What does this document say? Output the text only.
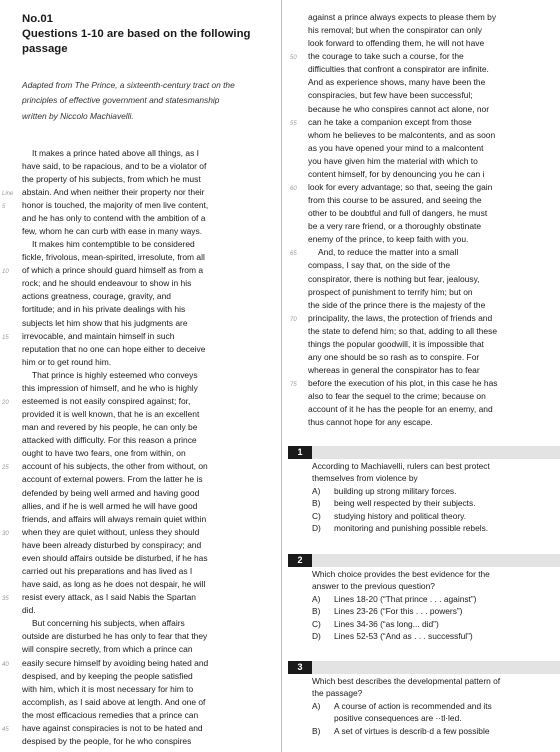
No.01
Questions 1-10 are based on the following
passage
Adapted from The Prince, a sixteenth-century tract on the
principles of effective government and statesmanship
written by Niccolo Machiavelli.
It makes a prince hated above all things, as I
have said, to be rapacious, and to be a violator of
the property of his subjects, from which he must
abstain. And when neither their property nor their
Line
honor is touched, the majority of men live content,
5
and he has only to contend with the ambition of a
few, whom he can curb with ease in many ways.
It makes him contemptible to be considered
fickle, frivolous, mean-spirited, irresolute, from all
of which a prince should guard himself as from a
10
rock; and he should endeavour to show in his
actions greatness, courage, gravity, and
fortitude; and in his private dealings with his
subjects let him show that his judgments are
irrevocable, and maintain himself in such
15
reputation that no one can hope either to deceive
him or to get round him.
That prince is highly esteemed who conveys
this impression of himself, and he who is highly
esteemed is not easily conspired against; for,
20
provided it is well known, that he is an excellent
man and revered by his people, he can only be
attacked with difficulty. For this reason a prince
ought to have two fears, one from within, on
account of his subjects, the other from without, on
25
account of external powers. From the latter he is
defended by being well armed and having good
allies, and if he is well armed he will have good
friends, and affairs will always remain quiet within
when they are quiet without, unless they should
30
have been already disturbed by conspiracy; and
even should affairs outside be disturbed, if he has
carried out his preparations and has lived as I
have said, as long as he does not despair, he will
resist every attack, as I said Nabis the Spartan
35
did.
But concerning his subjects, when affairs
outside are disturbed he has only to fear that they
will conspire secretly, from which a prince can
easily secure himself by avoiding being hated and
40
despised, and by keeping the people satisfied
with him, which it is most necessary for him to
accomplish, as I said above at length. And one of
the most efficacious remedies that a prince can
have against conspiracies is not to be hated and
45
despised by the people, for he who conspires
against a prince always expects to please them by
his removal; but when the conspirator can only
look forward to offending them, he will not have
the courage to take such a course, for the
50
difficulties that confront a conspirator are infinite.
And as experience shows, many have been the
conspiracies, but few have been successful;
because he who conspires cannot act alone, nor
can he take a companion except from those
55
whom he believes to be malcontents, and as soon
as you have opened your mind to a malcontent
you have given him the material with which to
content himself, for by denouncing you he can i
look for every advantage; so that, seeing the gain
60
from this course to be assured, and seeing the
other to be doubtful and full of dangers, he must
be a very rare friend, or a thoroughly obstinate
enemy of the prince, to keep faith with you.
And, to reduce the matter into a small
65
compass, I say that, on the side of the
conspirator, there is nothing but fear, jealousy,
prospect of punishment to terrify him; but on
the side of the prince there is the majesty of the
principality, the laws, the protection of friends and
70
the state to defend him; so that, adding to all these
things the popular goodwill, it is impossible that
any one should be so rash as to conspire. For
whereas in general the conspirator has to fear
before the execution of his plot, in this case he has
75
also to fear the sequel to the crime; because on
account of it he has the people for an enemy, and
thus cannot hope for any escape.
1
According to Machiavelli, rulers can best protect
themselves from violence by
A) building up strong military forces.
B) being well respected by their subjects.
C) studying history and political theory.
D) monitoring and punishing possible rebels.
2
Which choice provides the best evidence for the
answer to the previous question?
A) Lines 18-20 (“That prince . . . against”)
B) Lines 23-26 (“For this . . . powers”)
C) Lines 34-36 (“as long... did”)
D) Lines 52-53 (“And as . . . successful”)
3
Which best describes the developmental pattern of
the passage?
A) A course of action is recommended and its
positive consequences are ··tl·led.
B) A set of virtues is describ·d a few possible
